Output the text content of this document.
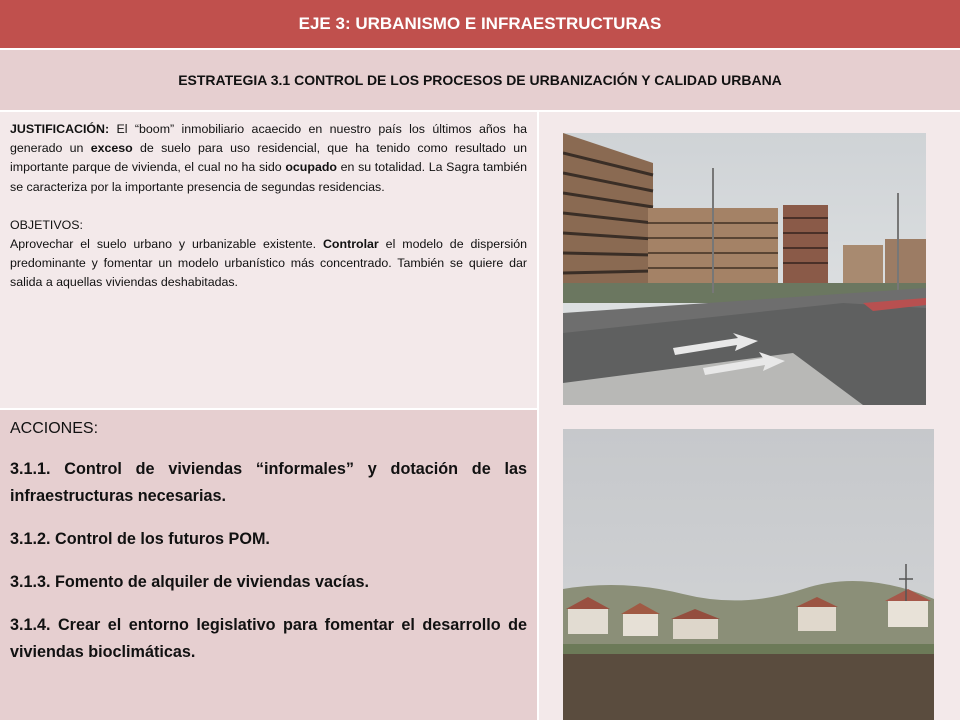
EJE 3: URBANISMO E INFRAESTRUCTURAS
ESTRATEGIA 3.1 CONTROL DE LOS PROCESOS DE URBANIZACIÓN Y CALIDAD URBANA

JUSTIFICACIÓN: El “boom” inmobiliario acaecido en nuestro país los últimos años ha generado un exceso de suelo para uso residencial, que ha tenido como resultado un importante parque de vivienda, el cual no ha sido ocupado en su totalidad. La Sagra también se caracteriza por la importante presencia de segundas residencias.

OBJETIVOS:

Aprovechar el suelo urbano y urbanizable existente. Controlar el modelo de dispersión predominante y fomentar un modelo urbanístico más concentrado. También se quiere dar salida a aquellas viviendas deshabitadas.

ACCIONES:

3.1.1. Control de viviendas “informales” y dotación de las infraestructuras necesarias.

3.1.2. Control de los futuros POM.

3.1.3. Fomento de alquiler de viviendas vacías.

3.1.4. Crear el entorno legislativo para fomentar el desarrollo de viviendas bioclimáticas.
